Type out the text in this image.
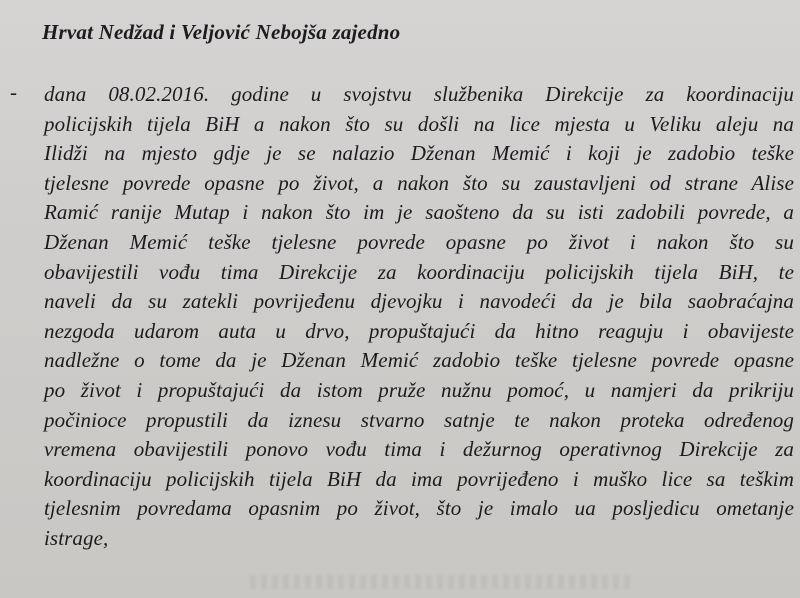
Hrvat Nedžad i Veljović Nebojša zajedno
- dana 08.02.2016. godine u svojstvu službenika Direkcije za koordinaciju
policijskih tijela BiH a nakon što su došli na lice mjesta u Veliku aleju na
Ilidži na mjesto gdje je se nalazio Dženan Memić i koji je zadobio teške
tjelesne povrede opasne po život, a nakon što su zaustavljeni od strane Alise
Ramić ranije Mutap i nakon što im je saošteno da su isti zadobili povrede, a
Dženan Memić teške tjelesne povrede opasne po život i nakon što su
obavijestili vođu tima Direkcije za koordinaciju policijskih tijela BiH, te
naveli da su zatekli povrijeđenu djevojku i navodeći da je bila saobraćajna
nezgoda udarom auta u drvo, propuštajući da hitno reaguju i obavijeste
nadležne o tome da je Dženan Memić zadobio teške tjelesne povrede opasne
po život i propuštajući da istom pruže nužnu pomoć, u namjeri da prikriju
počinioce propustili da iznesu stvarno satnje te nakon proteka određenog
vremena obavijestili ponovo vođu tima i dežurnog operativnog Direkcije za
koordinaciju policijskih tijela BiH da ima povrijeđeno i muško lice sa teškim
tjelesnim povredama opasnim po život, što je imalo ua posljedicu ometanje
istrage,
